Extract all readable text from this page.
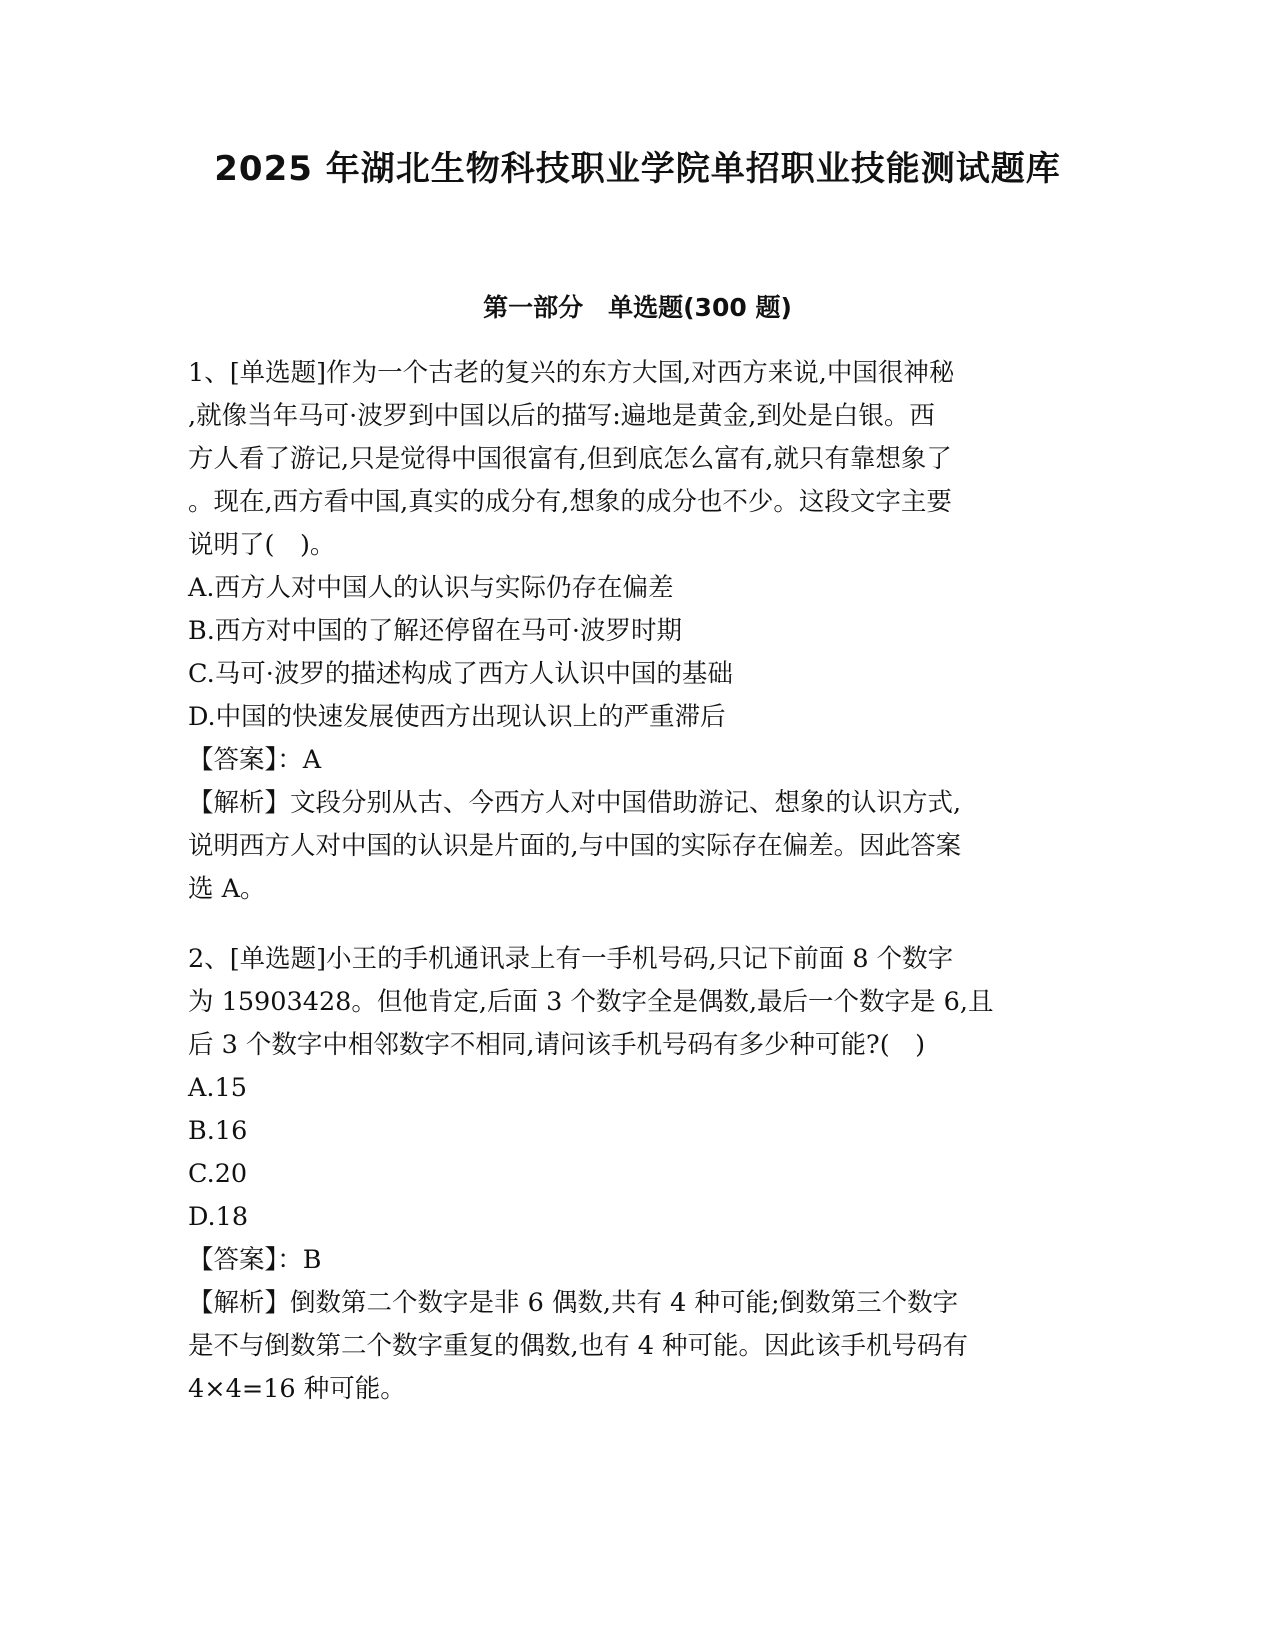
2025 年湖北生物科技职业学院单招职业技能测试题库
第一部分　单选题(300 题)
1、[单选题]作为一个古老的复兴的东方大国,对西方来说,中国很神秘
,就像当年马可·波罗到中国以后的描写:遍地是黄金,到处是白银。西
方人看了游记,只是觉得中国很富有,但到底怎么富有,就只有靠想象了
。现在,西方看中国,真实的成分有,想象的成分也不少。这段文字主要
说明了(　)。
A.西方人对中国人的认识与实际仍存在偏差
B.西方对中国的了解还停留在马可·波罗时期
C.马可·波罗的描述构成了西方人认识中国的基础
D.中国的快速发展使西方出现认识上的严重滞后
【答案】：A
【解析】文段分别从古、今西方人对中国借助游记、想象的认识方式,
说明西方人对中国的认识是片面的,与中国的实际存在偏差。因此答案
选 A。
2、[单选题]小王的手机通讯录上有一手机号码,只记下前面 8 个数字
为 15903428。但他肯定,后面 3 个数字全是偶数,最后一个数字是 6,且
后 3 个数字中相邻数字不相同,请问该手机号码有多少种可能?(　)
A.15
B.16
C.20
D.18
【答案】：B
【解析】倒数第二个数字是非 6 偶数,共有 4 种可能;倒数第三个数字
是不与倒数第二个数字重复的偶数,也有 4 种可能。因此该手机号码有
4×4=16 种可能。
